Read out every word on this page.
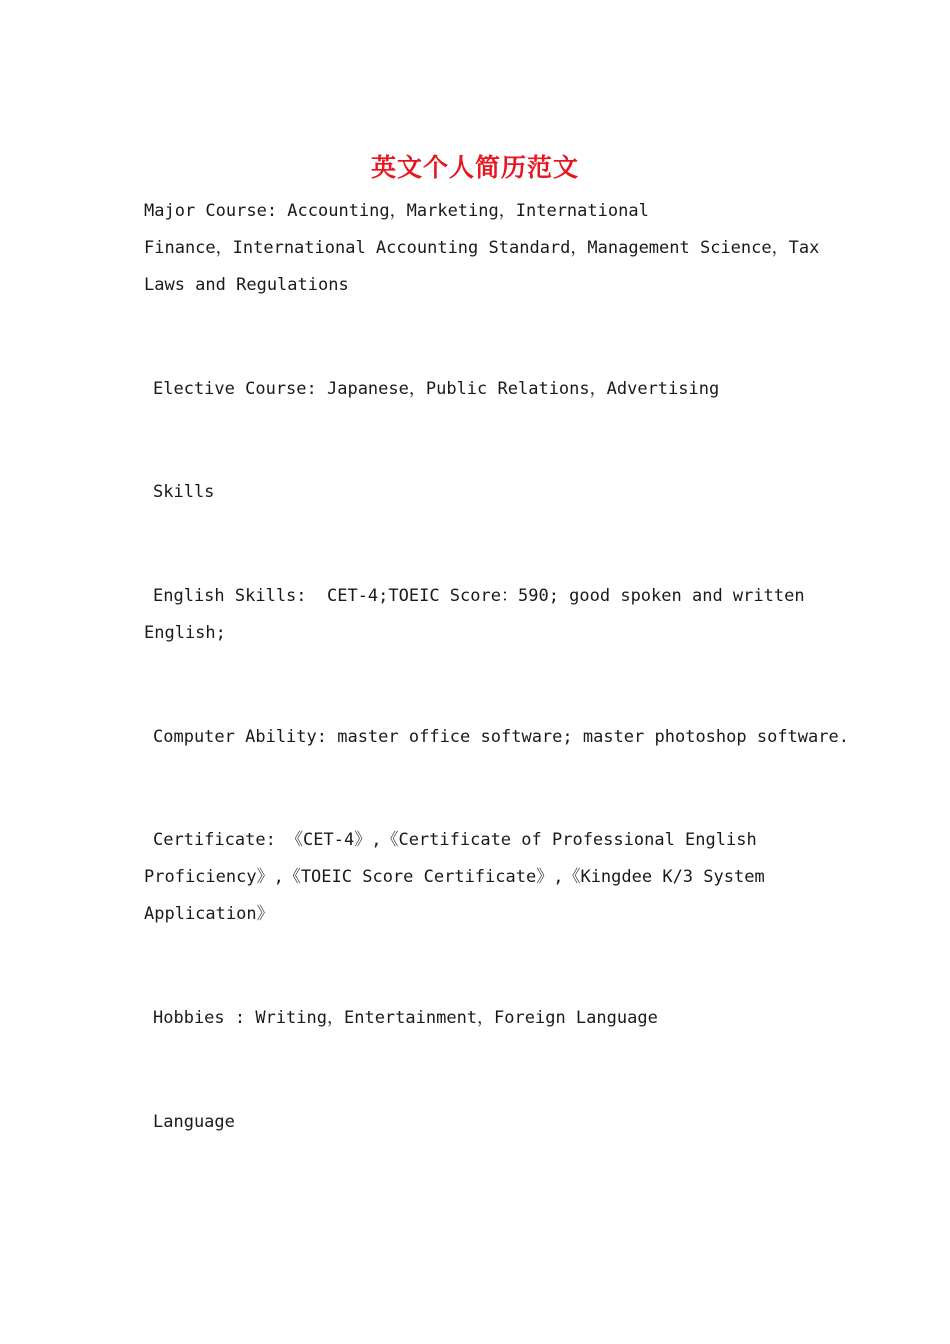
英文个人简历范文

Major Course: Accounting，Marketing，International

Finance，International Accounting Standard，Management Science，Tax

Laws and Regulations

Elective Course: Japanese，Public Relations，Advertising

Skills

English Skills:  CET-4;TOEIC Score：590; good spoken and written

English;

Computer Ability: master office software; master photoshop software.

Certificate: 《CET-4》,《Certificate of Professional English

Proficiency》,《TOEIC Score Certificate》,《Kingdee K/3 System

Application》

Hobbies : Writing，Entertainment，Foreign Language

Language
